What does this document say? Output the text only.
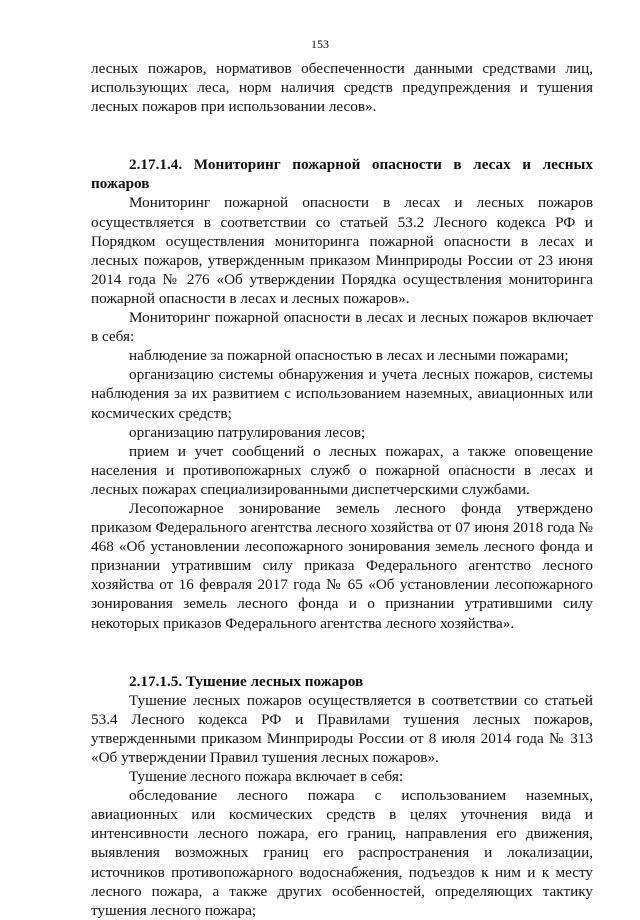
153

лесных пожаров, нормативов обеспеченности данными средствами лиц, использующих леса, норм наличия средств предупреждения и тушения лесных пожаров при использовании лесов».

2.17.1.4. Мониторинг пожарной опасности в лесах и лесных пожаров

Мониторинг пожарной опасности в лесах и лесных пожаров осуществляется в соответствии со статьей 53.2 Лесного кодекса РФ и Порядком осуществления мониторинга пожарной опасности в лесах и лесных пожаров, утвержденным приказом Минприроды России от 23 июня 2014 года № 276 «Об утверждении Порядка осуществления мониторинга пожарной опасности в лесах и лесных пожаров».

Мониторинг пожарной опасности в лесах и лесных пожаров включает в себя:

наблюдение за пожарной опасностью в лесах и лесными пожарами;

организацию системы обнаружения и учета лесных пожаров, системы наблюдения за их развитием с использованием наземных, авиационных или космических средств;

организацию патрулирования лесов;

прием и учет сообщений о лесных пожарах, а также оповещение населения и противопожарных служб о пожарной опасности в лесах и лесных пожарах специализированными диспетчерскими службами.

Лесопожарное зонирование земель лесного фонда утверждено приказом Федерального агентства лесного хозяйства от 07 июня 2018 года № 468 «Об установлении лесопожарного зонирования земель лесного фонда и признании утратившим силу приказа Федерального агентство лесного хозяйства от 16 февраля 2017 года № 65 «Об установлении лесопожарного зонирования земель лесного фонда и о признании утратившими силу некоторых приказов Федерального агентства лесного хозяйства».

2.17.1.5. Тушение лесных пожаров

Тушение лесных пожаров осуществляется в соответствии со статьей 53.4 Лесного кодекса РФ и Правилами тушения лесных пожаров, утвержденными приказом Минприроды России от 8 июля 2014 года № 313 «Об утверждении Правил тушения лесных пожаров».

Тушение лесного пожара включает в себя:

обследование лесного пожара с использованием наземных, авиационных или космических средств в целях уточнения вида и интенсивности лесного пожара, его границ, направления его движения, выявления возможных границ его распространения и локализации, источников противопожарного водоснабжения, подъездов к ним и к месту лесного пожара, а также других особенностей, определяющих тактику тушения лесного пожара;
